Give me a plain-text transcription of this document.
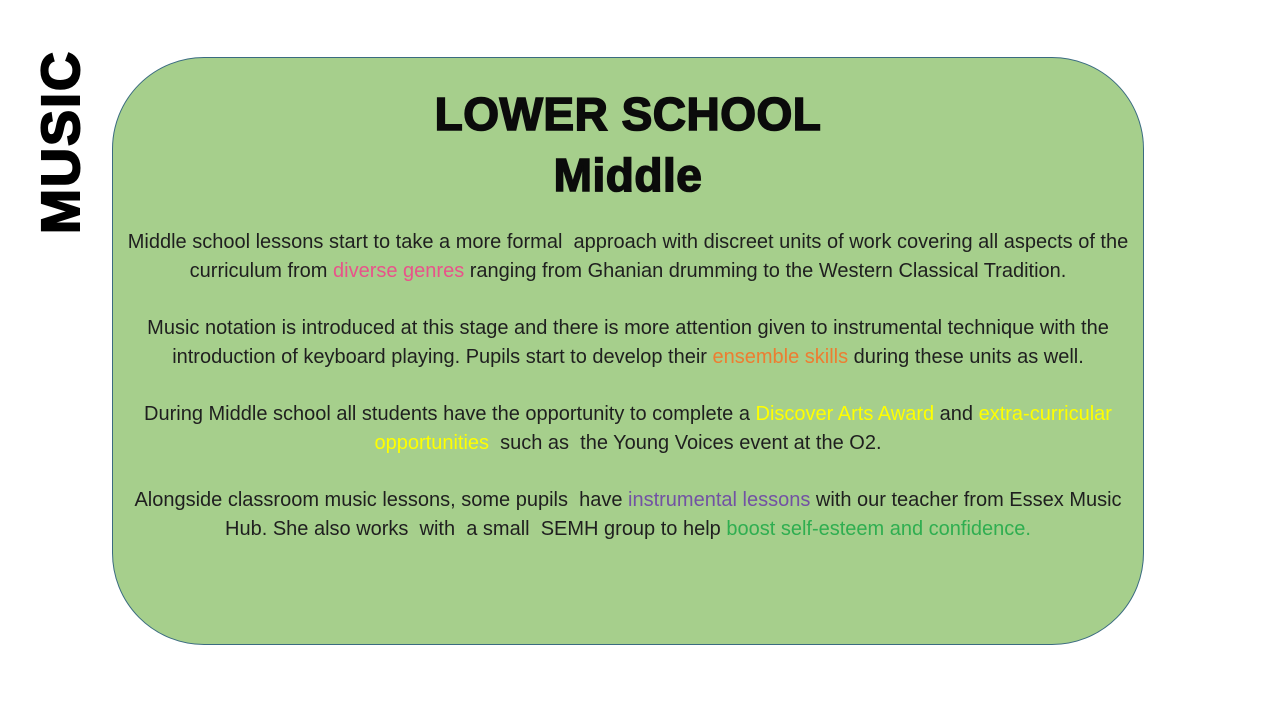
MUSIC	LOWER SCHOOL
Middle

Middle school lessons start to take a more formal  approach with discreet units of work covering all aspects of the curriculum from diverse genres ranging from Ghanian drumming to the Western Classical Tradition.

Music notation is introduced at this stage and there is more attention given to instrumental technique with the introduction of keyboard playing. Pupils start to develop their ensemble skills during these units as well.

During Middle school all students have the opportunity to complete a Discover Arts Award and extra-curricular opportunities  such as  the Young Voices event at the O2.

Alongside classroom music lessons, some pupils  have instrumental lessons with our teacher from Essex Music Hub. She also works  with  a small  SEMH group to help boost self-esteem and confidence.
